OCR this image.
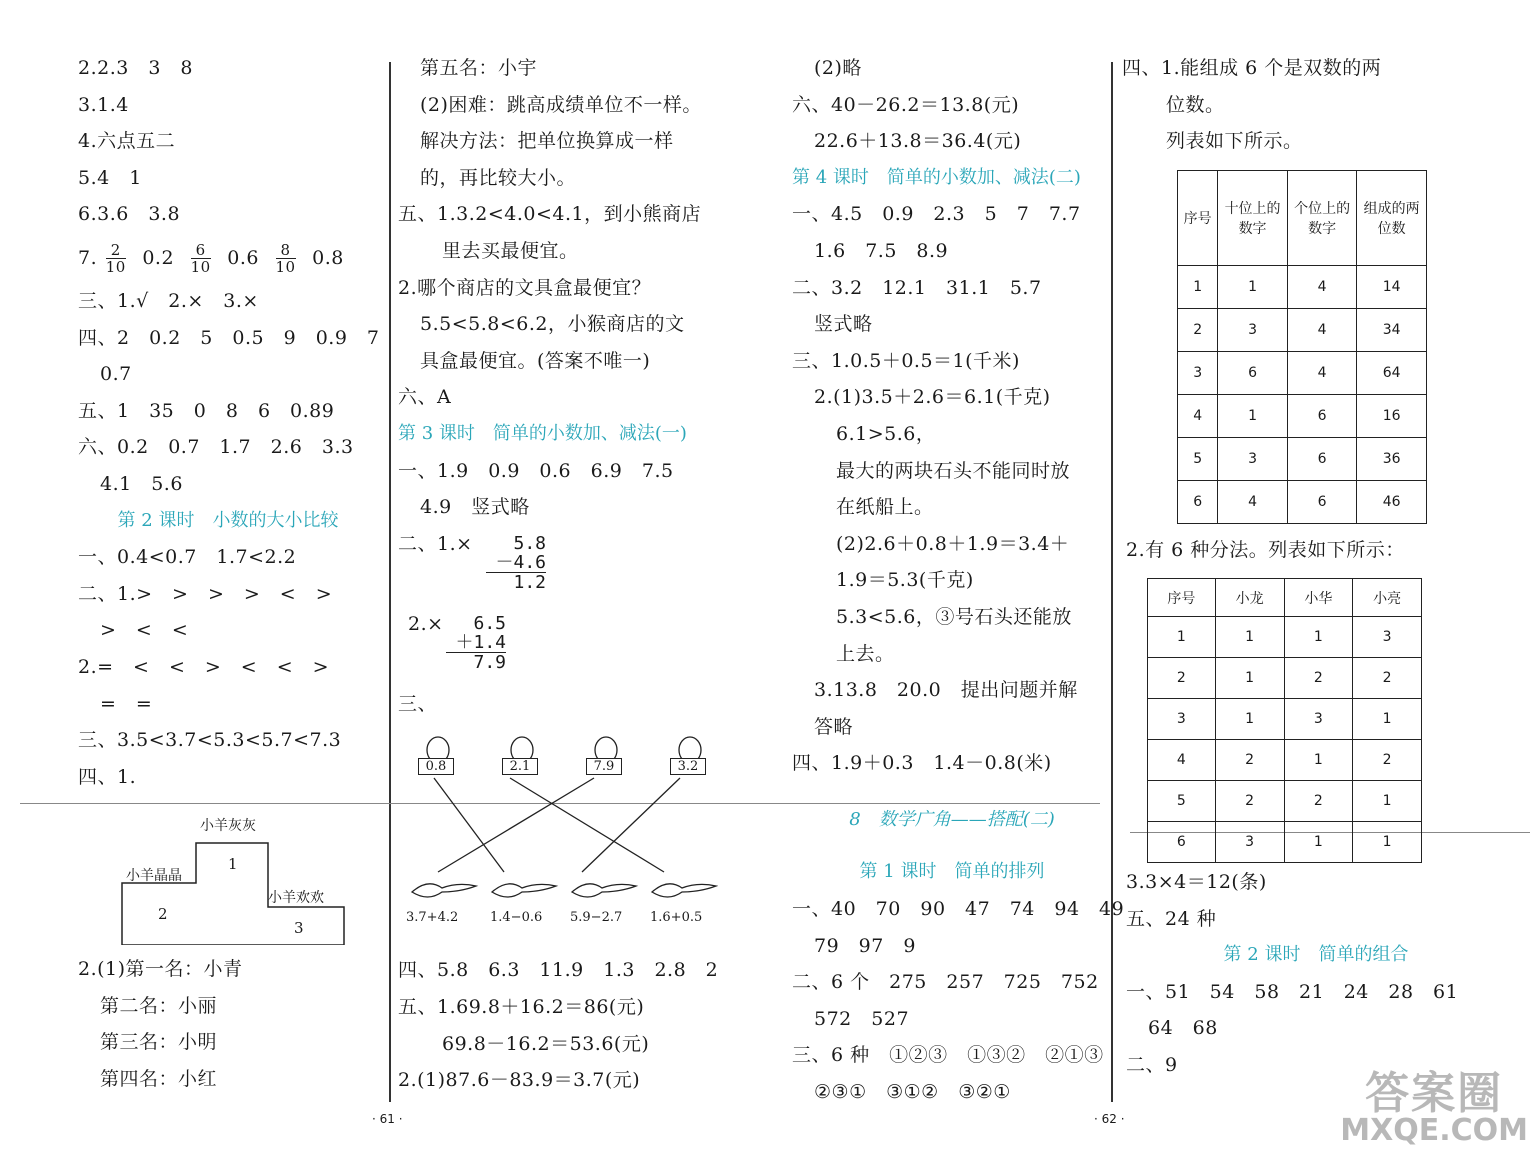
2.2.3　3　8
3.1.4
4.六点五二
5.4　1
6.3.6　3.8
7. $\frac{2}{10} 0.2 \frac{6}{10} 0.6 \frac{8}{10} 0.8$
三、1.√　2.×　3.×
四、2　0.2　5　0.5　9　0.9　7
0.7
五、1　35　0　8　6　0.89
六、0.2　0.7　1.7　2.6　3.3
4.1　5.6
第 2 课时　小数的大小比较
一、0.4<0.7　1.7<2.2
二、1.>　>　>　>　<　>
>　<　<
2.=　<　<　>　<　<　>
=　=
三、3.5<3.7<5.3<5.7<7.3
四、1.
小羊灰灰
1
小羊晶晶
2
小羊欢欢
3
2.(1)第一名：小青
第二名：小丽
第三名：小明
第四名：小红
第五名：小宇
(2)困难：跳高成绩单位不一样。
解决方法：把单位换算成一样
的，再比较大小。
五、1.3.2<4.0<4.1，到小熊商店
里去买最便宜。
2.哪个商店的文具盒最便宜？
5.5<5.8<6.2，小猴商店的文
具盒最便宜。(答案不唯一)
六、A
第 3 课时　简单的小数加、减法(一)
一、1.9　0.9　0.6　6.9　7.5
4.9　竖式略
二、1.×	5.8
－4.6
1.2
2.×	6.5
＋1.4
7.9
三、
0.8	2.1	7.9	3.2
3.7+4.2 1.4−0.6 5.9−2.7 1.6+0.5
四、5.8　6.3　11.9　1.3　2.8　2
五、1.69.8＋16.2＝86(元)
69.8－16.2＝53.6(元)
2.(1)87.6－83.9＝3.7(元)
· 61 ·
(2)略
六、40－26.2＝13.8(元)
22.6＋13.8＝36.4(元)
第 4 课时　简单的小数加、减法(二)
一、4.5　0.9　2.3　5　7　7.7
1.6　7.5　8.9
二、3.2　12.1　31.1　5.7
竖式略
三、1.0.5＋0.5＝1(千米)
2.(1)3.5＋2.6＝6.1(千克)
6.1>5.6，
最大的两块石头不能同时放
在纸船上。
(2)2.6＋0.8＋1.9＝3.4＋
1.9＝5.3(千克)
5.3<5.6，③号石头还能放
上去。
3.13.8　20.0　提出问题并解
答略
四、1.9＋0.3　1.4－0.8(米)
8　数学广角——搭配(二)
第 1 课时　简单的排列
一、40　70　90　47　74　94　49
79　97　9
二、6 个　275　257　725　752
572　527
三、6 种　①②③　①③②　②①③
②③①　③①②　③②①
· 62 ·
四、1.能组成 6 个是双数的两
位数。
列表如下所示。
序号	十位上的数字	个位上的数字	组成的两位数
1	1	4	14
2	3	4	34
3	6	4	64
4	1	6	16
5	3	6	36
6	4	6	46
2.有 6 种分法。列表如下所示：
序号	小龙	小华	小亮
1	1	1	3
2	1	2	2
3	1	3	1
4	2	1	2
5	2	2	1
6	3	1	1
3.3×4＝12(条)
五、24 种
第 2 课时　简单的组合
一、51　54　58　21　24　28　61
64　68
二、9
答案圈
MXQE.COM
